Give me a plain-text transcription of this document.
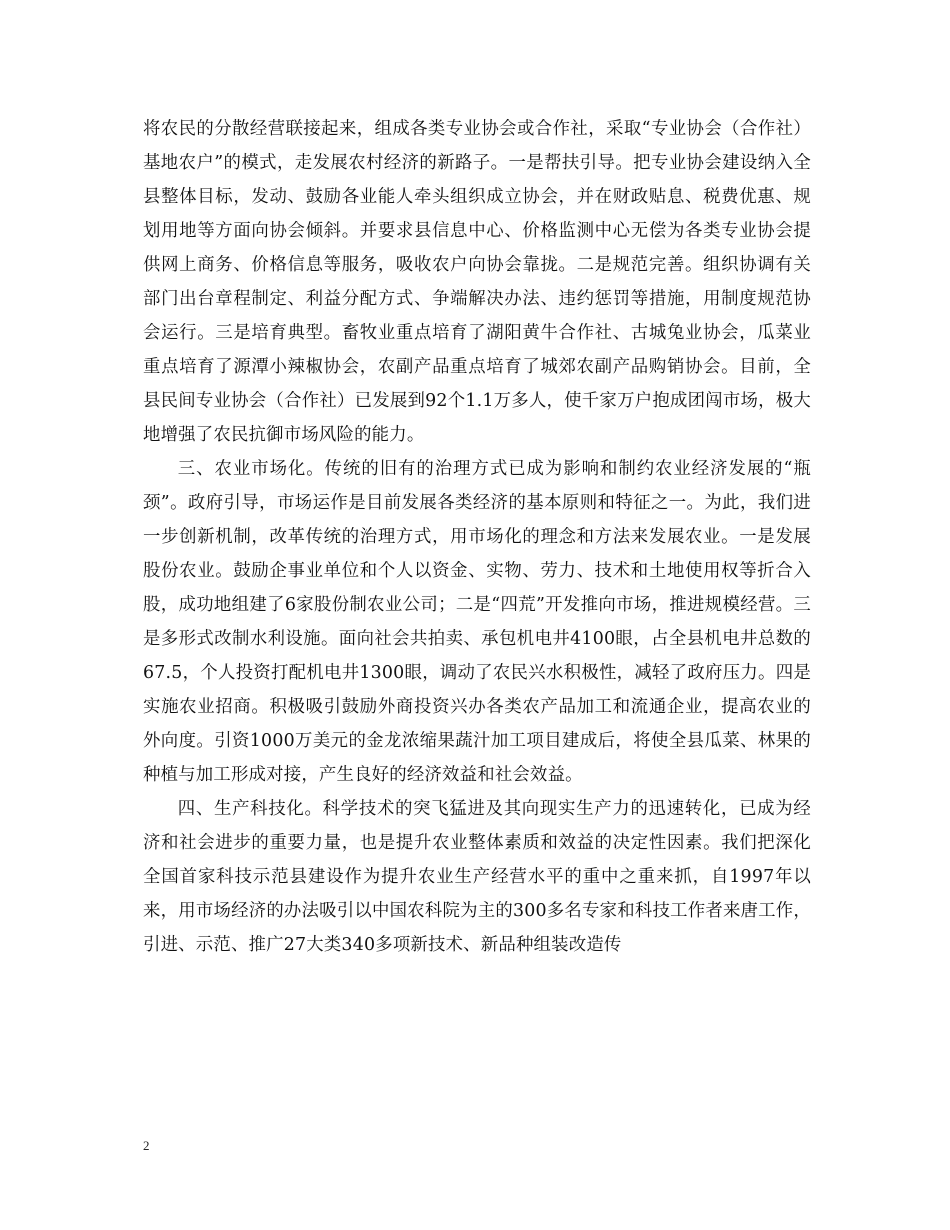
将农民的分散经营联接起来，组成各类专业协会或合作社，采取“专业协会（合作社）基地农户”的模式，走发展农村经济的新路子。一是帮扶引导。把专业协会建设纳入全县整体目标，发动、鼓励各业能人牵头组织成立协会，并在财政贴息、税费优惠、规划用地等方面向协会倾斜。并要求县信息中心、价格监测中心无偿为各类专业协会提供网上商务、价格信息等服务，吸收农户向协会靠拢。二是规范完善。组织协调有关部门出台章程制定、利益分配方式、争端解决办法、违约惩罚等措施，用制度规范协会运行。三是培育典型。畜牧业重点培育了湖阳黄牛合作社、古城兔业协会，瓜菜业重点培育了源潭小辣椒协会，农副产品重点培育了城郊农副产品购销协会。目前，全县民间专业协会（合作社）已发展到92个1.1万多人，使千家万户抱成团闯市场，极大地增强了农民抗御市场风险的能力。

三、农业市场化。传统的旧有的治理方式已成为影响和制约农业经济发展的“瓶颈”。政府引导，市场运作是目前发展各类经济的基本原则和特征之一。为此，我们进一步创新机制，改革传统的治理方式，用市场化的理念和方法来发展农业。一是发展股份农业。鼓励企事业单位和个人以资金、实物、劳力、技术和土地使用权等折合入股，成功地组建了6家股份制农业公司；二是“四荒”开发推向市场，推进规模经营。三是多形式改制水利设施。面向社会共拍卖、承包机电井4100眼，占全县机电井总数的67.5，个人投资打配机电井1300眼，调动了农民兴水积极性，减轻了政府压力。四是实施农业招商。积极吸引鼓励外商投资兴办各类农产品加工和流通企业，提高农业的外向度。引资1000万美元的金龙浓缩果蔬汁加工项目建成后，将使全县瓜菜、林果的种植与加工形成对接，产生良好的经济效益和社会效益。

四、生产科技化。科学技术的突飞猛进及其向现实生产力的迅速转化，已成为经济和社会进步的重要力量，也是提升农业整体素质和效益的决定性因素。我们把深化全国首家科技示范县建设作为提升农业生产经营水平的重中之重来抓，自1997年以来，用市场经济的办法吸引以中国农科院为主的300多名专家和科技工作者来唐工作，引进、示范、推广27大类340多项新技术、新品种组装改造传

2
